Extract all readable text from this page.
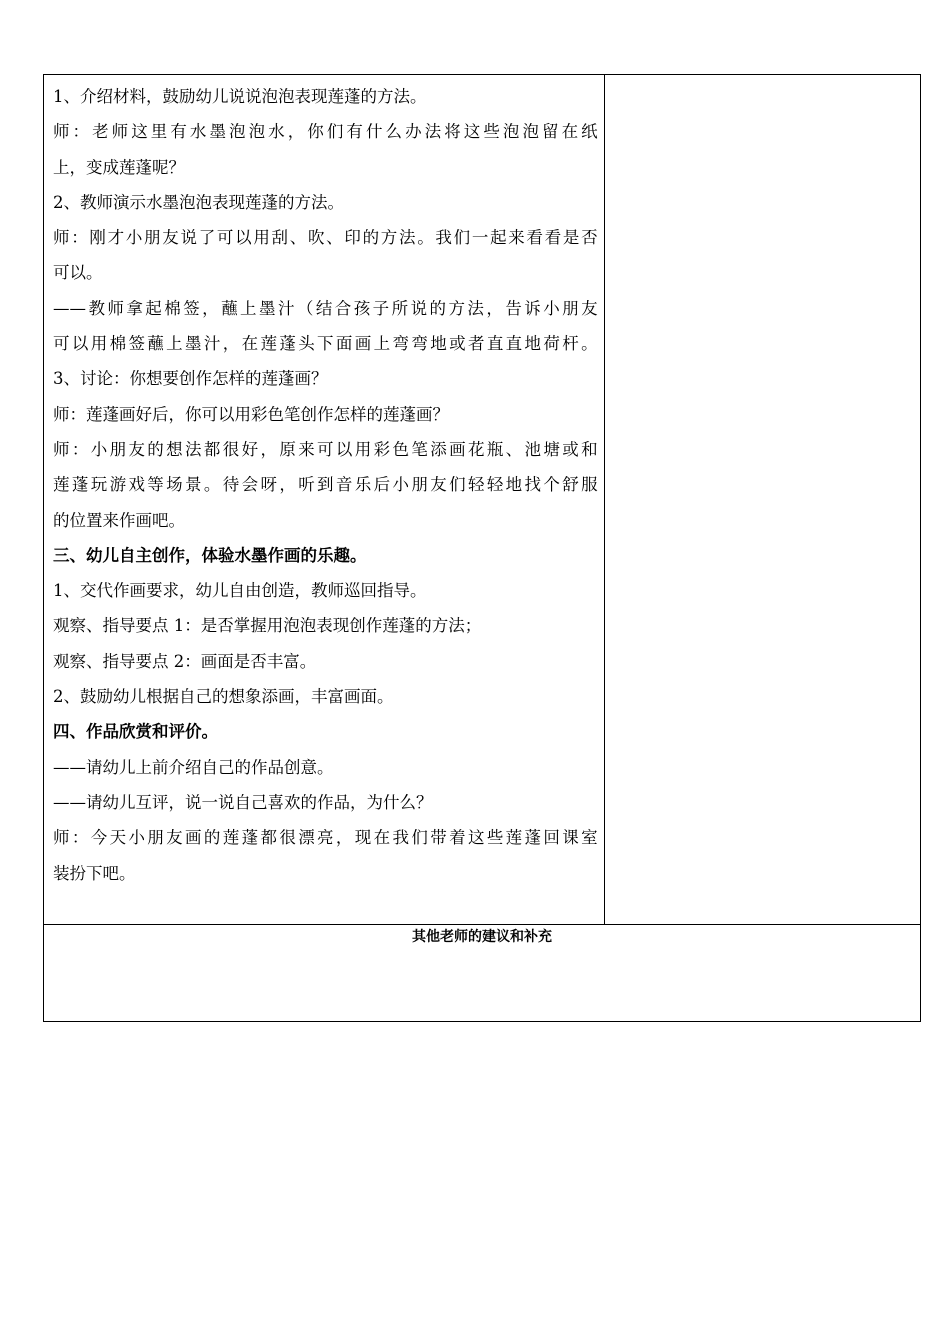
1、介绍材料，鼓励幼儿说说泡泡表现莲蓬的方法。
师：老师这里有水墨泡泡水，你们有什么办法将这些泡泡留在纸
上，变成莲蓬呢？
2、教师演示水墨泡泡表现莲蓬的方法。
师：刚才小朋友说了可以用刮、吹、印的方法。我们一起来看看是否
可以。
——教师拿起棉签，蘸上墨汁（结合孩子所说的方法，告诉小朋友
可以用棉签蘸上墨汁，在莲蓬头下面画上弯弯地或者直直地荷杆。
3、讨论：你想要创作怎样的莲蓬画？
师：莲蓬画好后，你可以用彩色笔创作怎样的莲蓬画？
师：小朋友的想法都很好，原来可以用彩色笔添画花瓶、池塘或和
莲蓬玩游戏等场景。待会呀，听到音乐后小朋友们轻轻地找个舒服
的位置来作画吧。
三、幼儿自主创作，体验水墨作画的乐趣。
1、交代作画要求，幼儿自由创造，教师巡回指导。
观察、指导要点 1：是否掌握用泡泡表现创作莲蓬的方法；
观察、指导要点 2：画面是否丰富。
2、鼓励幼儿根据自己的想象添画，丰富画面。
四、作品欣赏和评价。
——请幼儿上前介绍自己的作品创意。
——请幼儿互评，说一说自己喜欢的作品，为什么？
师：今天小朋友画的莲蓬都很漂亮，现在我们带着这些莲蓬回课室
装扮下吧。

其他老师的建议和补充
